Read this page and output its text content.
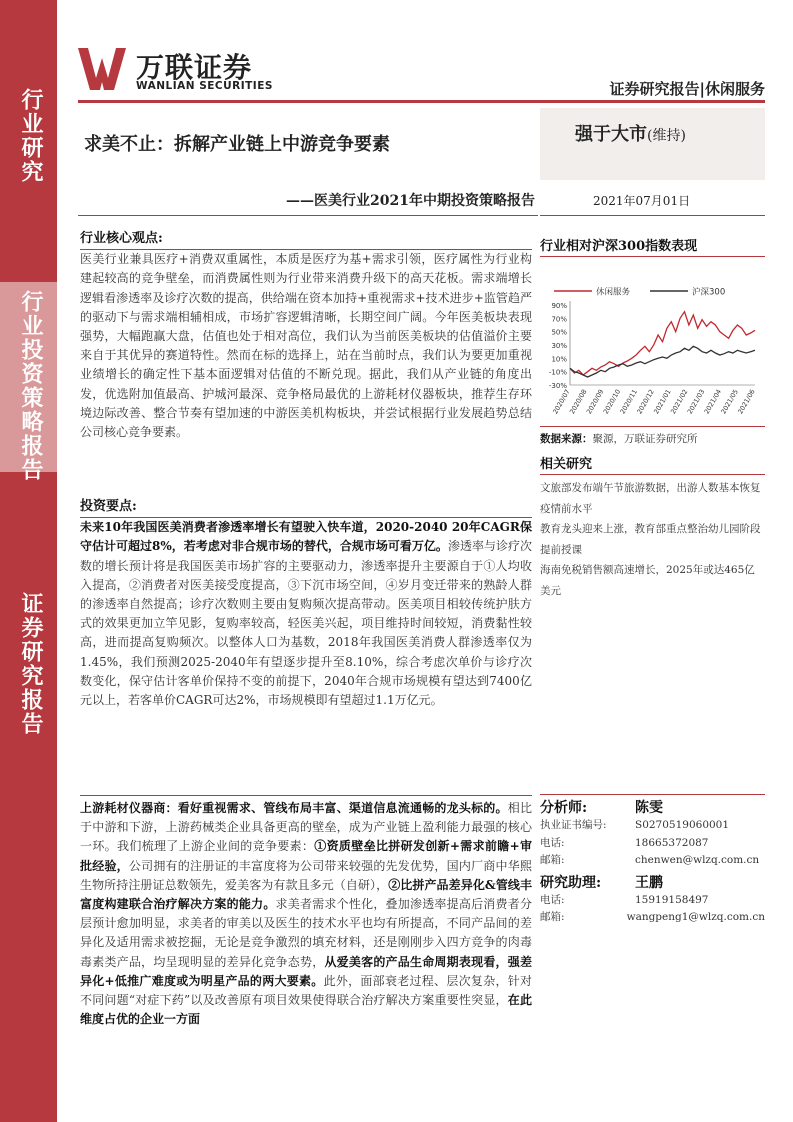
行业研究
行业投资策略报告
证券研究报告
万联证券
WANLIAN SECURITIES	证券研究报告|休闲服务
求美不止：拆解产业链上中游竞争要素
——医美行业2021年中期投资策略报告
强于大市(维持)
2021年07月01日
行业核心观点:

医美行业兼具医疗+消费双重属性，本质是医疗为基+需求引领，医疗属性为行业构建起较高的竞争壁垒，而消费属性则为行业带来消费升级下的高天花板。需求端增长逻辑看渗透率及诊疗次数的提高，供给端在资本加持+重视需求+技术进步+监管趋严的驱动下与需求端相辅相成，市场扩容逻辑清晰，长期空间广阔。今年医美板块表现强势，大幅跑赢大盘，估值也处于相对高位，我们认为当前医美板块的估值溢价主要来自于其优异的赛道特性。然而在标的选择上，站在当前时点，我们认为要更加重视业绩增长的确定性下基本面逻辑对估值的不断兑现。据此，我们从产业链的角度出发，优选附加值最高、护城河最深、竞争格局最优的上游耗材仪器板块，推荐生存环境边际改善、整合节奏有望加速的中游医美机构板块，并尝试根据行业发展趋势总结公司核心竞争要素。

投资要点:

未来10年我国医美消费者渗透率增长有望驶入快车道，2020-2040 20年CAGR保守估计可超过8%，若考虑对非合规市场的替代，合规市场可看万亿。渗透率与诊疗次数的增长预计将是我国医美市场扩容的主要驱动力，渗透率提升主要源自于①人均收入提高，②消费者对医美接受度提高，③下沉市场空间，④岁月变迁带来的熟龄人群的渗透率自然提高；诊疗次数则主要由复购频次提高带动。医美项目相较传统护肤方式的效果更加立竿见影，复购率较高，轻医美兴起，项目维持时间较短，消费黏性较高，进而提高复购频次。以整体人口为基数，2018年我国医美消费人群渗透率仅为1.45%，我们预测2025-2040年有望逐步提升至8.10%，综合考虑次单价与诊疗次数变化，保守估计客单价保持不变的前提下，2040年合规市场规模有望达到7400亿元以上，若客单价CAGR可达2%，市场规模即有望超过1.1万亿元。

上游耗材仪器商：看好重视需求、管线布局丰富、渠道信息流通畅的龙头标的。相比于中游和下游，上游药械类企业具备更高的壁垒，成为产业链上盈利能力最强的核心一环。我们梳理了上游企业间的竞争要素：①资质壁垒比拼研发创新+需求前瞻+审批经验，公司拥有的注册证的丰富度将为公司带来较强的先发优势，国内厂商中华熙生物所持注册证总数领先，爱美客为有款且多元（自研），②比拼产品差异化&管线丰富度构建联合治疗解决方案的能力。求美者需求个性化，叠加渗透率提高后消费者分层预计愈加明显，求美者的审美以及医生的技术水平也均有所提高，不同产品间的差异化及适用需求被挖掘，无论是竞争激烈的填充材料，还是刚刚步入四方竞争的肉毒毒素类产品，均呈现明显的差异化竞争态势，从爱美客的产品生命周期表现看，强差异化+低推广难度或为明星产品的两大要素。此外，面部衰老过程、层次复杂，针对不同问题“对症下药”以及改善原有项目效果使得联合治疗解决方案重要性突显，在此维度占优的企业一方面

行业相对沪深300指数表现
休闲服务	沪深300
90%
70%
50%
30%
10%
-10%
-30%
2020/07
2020/08
2020/09
2020/10
2020/11
2020/12
2021/01
2021/02
2021/03
2021/04
2021/05
2021/06
数据来源：聚源，万联证券研究所
相关研究
文旅部发布端午节旅游数据，出游人数基本恢复疫情前水平
教育龙头迎来上涨，教育部重点整治幼儿园阶段提前授课
海南免税销售额高速增长，2025年或达465亿美元
分析师:	陈雯
执业证书编号:	S0270519060001
电话:	18665372087
邮箱:	chenwen@wlzq.com.cn
研究助理:	王鹏
电话:	15919158497
邮箱:	wangpeng1@wlzq.com.cn
